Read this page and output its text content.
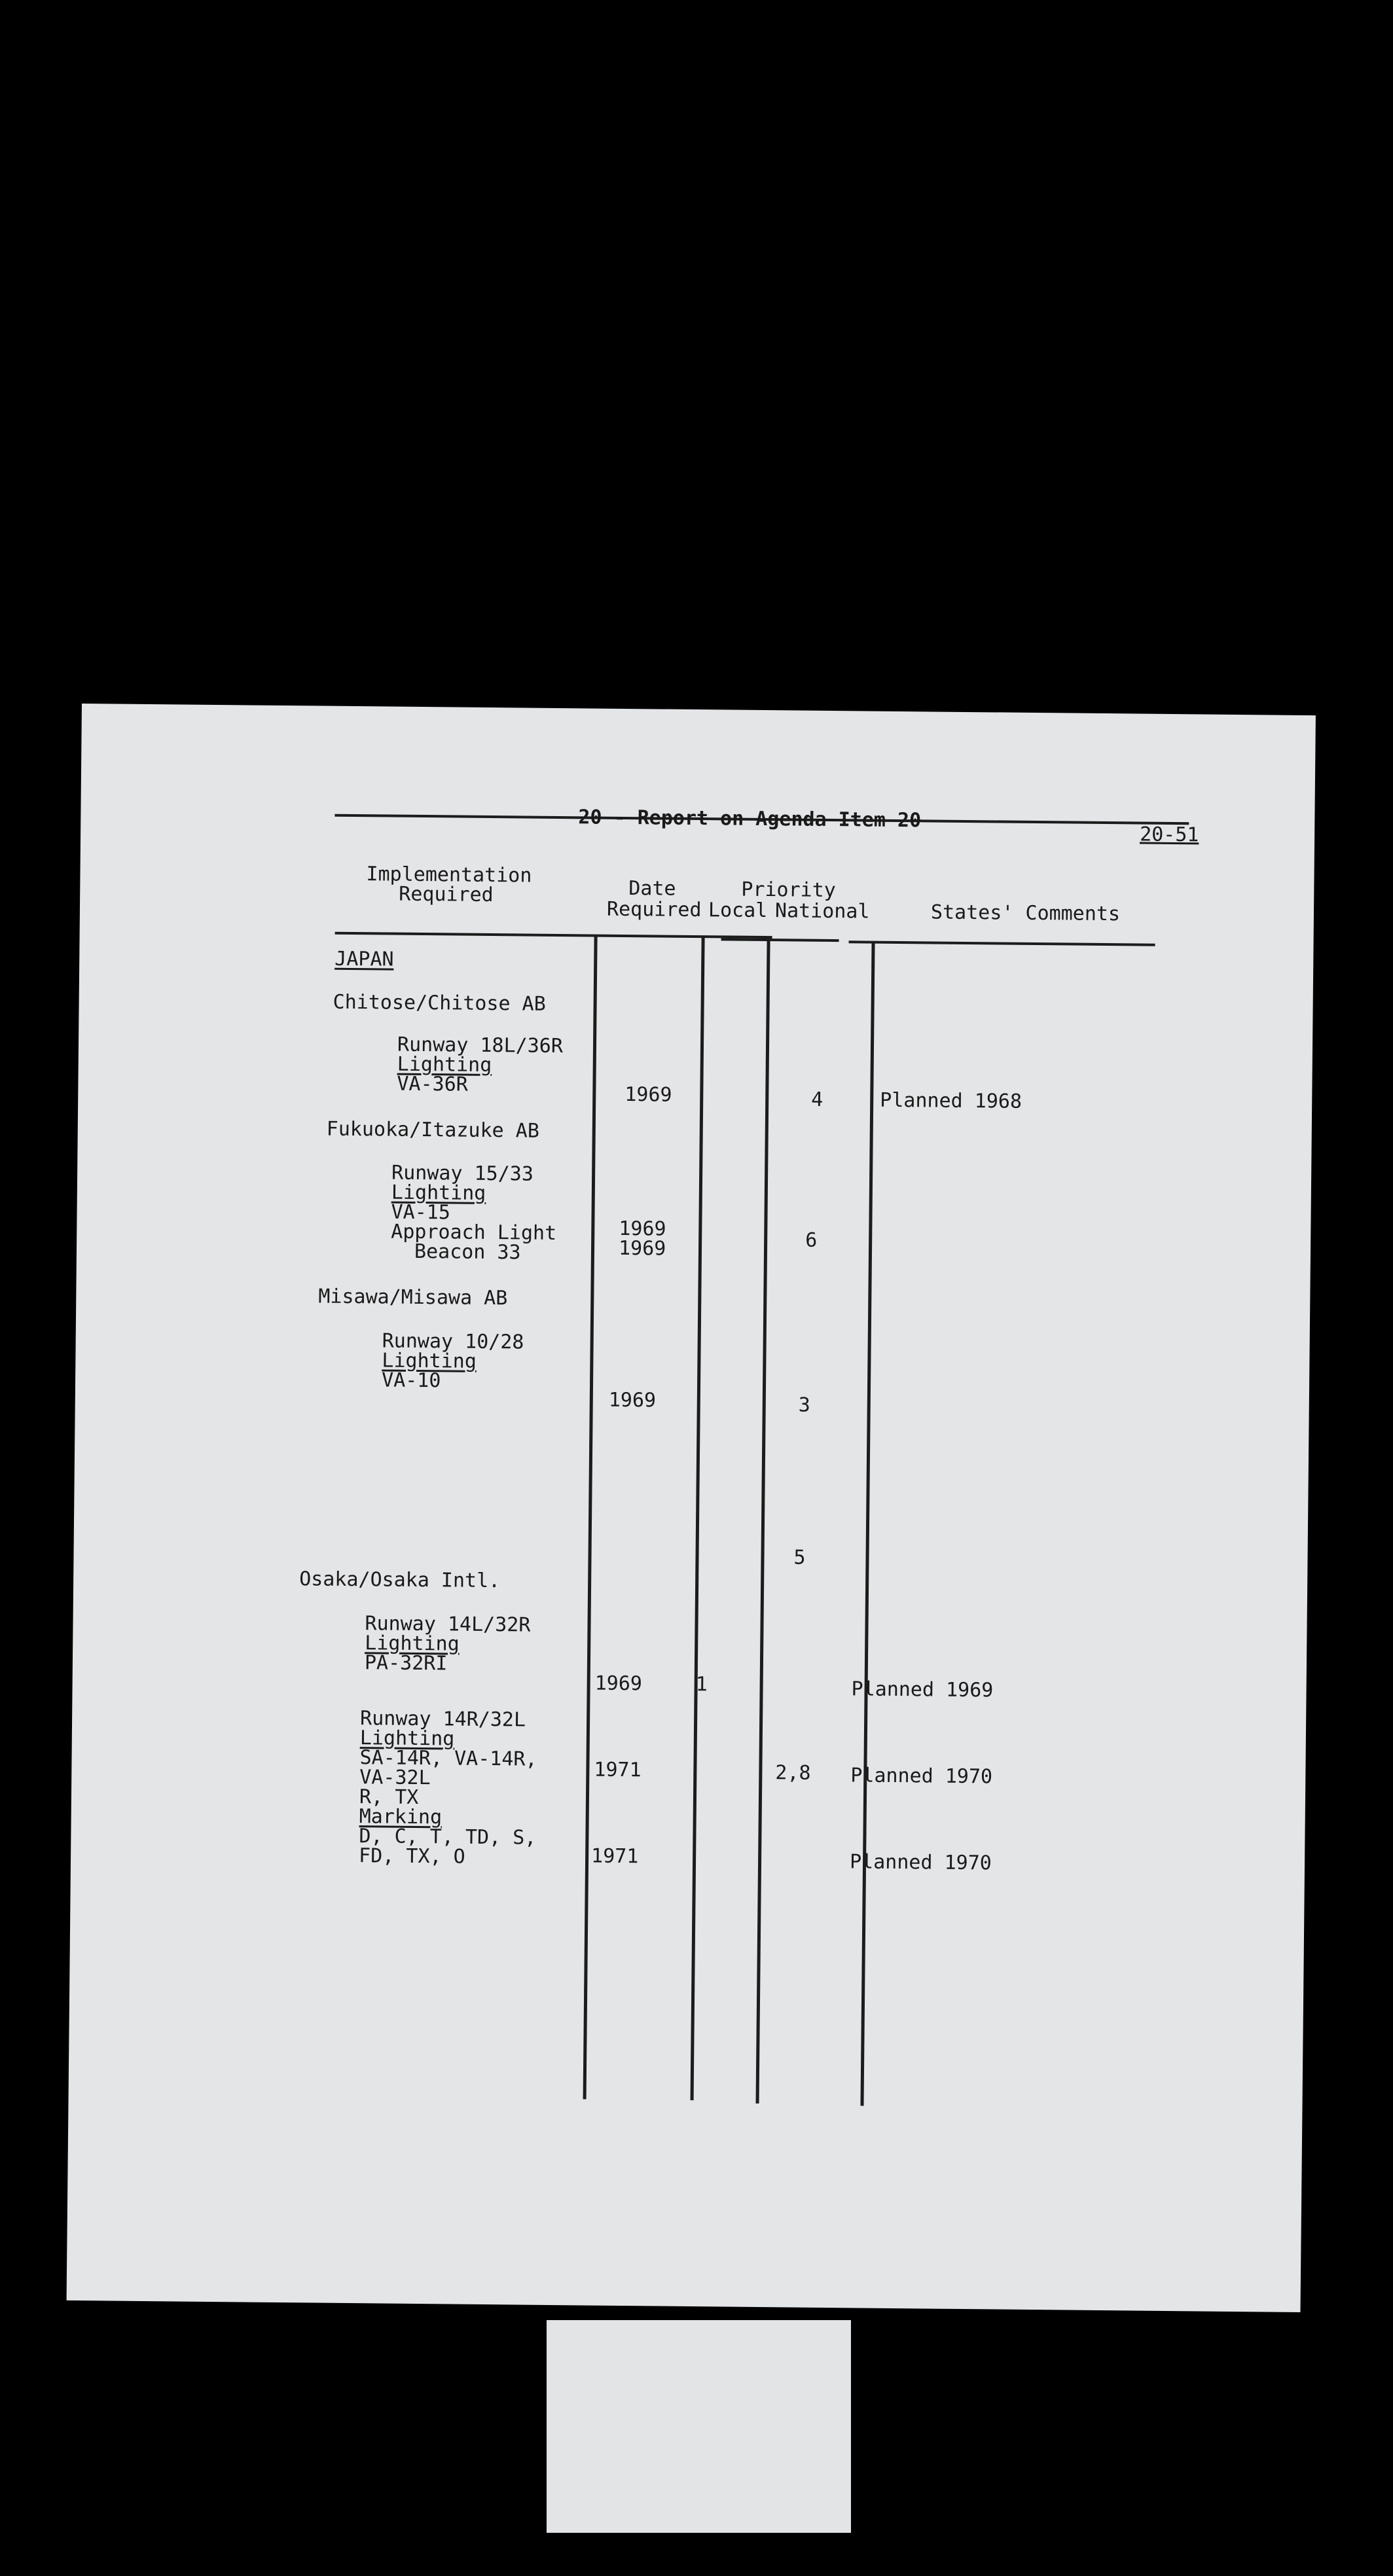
20 - Report on Agenda Item 20
20-51
Implementation
Required	Date
Required
Priority
Local National	States' Comments
JAPAN
Chitose/Chitose AB
Runway 18L/36R
Lighting
VA-36R
Fukuoka/Itazuke AB
Runway 15/33
Lighting
VA-15
Approach Light
Beacon 33
Misawa/Misawa AB
Runway 10/28
Lighting
VA-10
Osaka/Osaka Intl.
Runway 14L/32R
Lighting
PA-32RI
Runway 14R/32L
Lighting
SA-14R, VA-14R,
VA-32L
R, TX
Marking
D, C, T, TD, S,
FD, TX, O
1969
1969
1969
1969
1969
1971
1971
1
4
6
3
5
2,8
Planned 1968
Planned 1969
Planned 1970
Planned 1970
